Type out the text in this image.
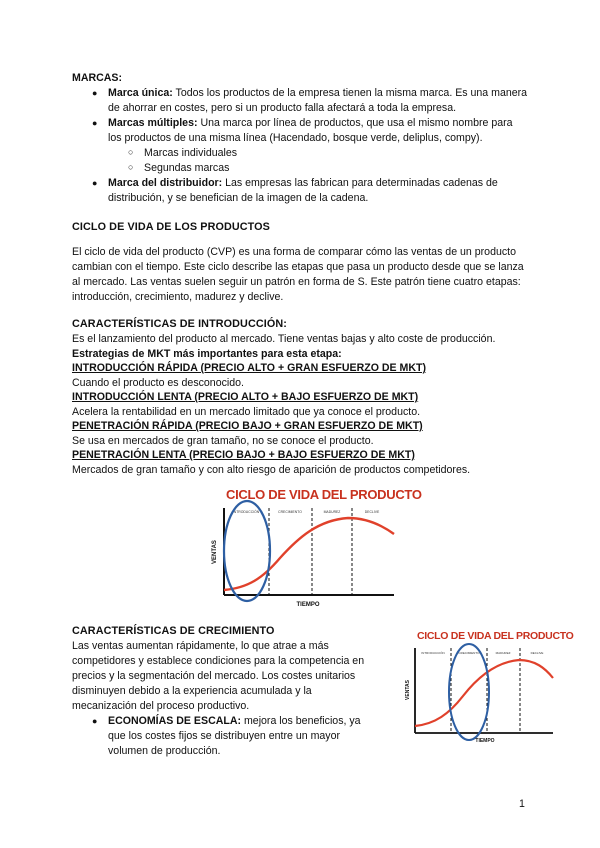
MARCAS:
● Marca única: Todos los productos de la empresa tienen la misma marca. Es una manera de ahorrar en costes, pero si un producto falla afectará a toda la empresa.
● Marcas múltiples: Una marca por línea de productos, que usa el mismo nombre para los productos de una misma línea (Hacendado, bosque verde, deliplus, compy).
○ Marcas individuales
○ Segundas marcas
● Marca del distribuidor: Las empresas las fabrican para determinadas cadenas de distribución, y se benefician de la imagen de la cadena.
CICLO DE VIDA DE LOS PRODUCTOS
El ciclo de vida del producto (CVP) es una forma de comparar cómo las ventas de un producto cambian con el tiempo. Este ciclo describe las etapas que pasa un producto desde que se lanza al mercado. Las ventas suelen seguir un patrón en forma de S. Este patrón tiene cuatro etapas: introducción, crecimiento, madurez y declive.
CARACTERÍSTICAS DE INTRODUCCIÓN:
Es el lanzamiento del producto al mercado. Tiene ventas bajas y alto coste de producción.
Estrategias de MKT más importantes para esta etapa:
INTRODUCCIÓN RÁPIDA (PRECIO ALTO + GRAN ESFUERZO DE MKT)
Cuando el producto es desconocido.
INTRODUCCIÓN LENTA (PRECIO ALTO + BAJO ESFUERZO DE MKT)
Acelera la rentabilidad en un mercado limitado que ya conoce el producto.
PENETRACIÓN RÁPIDA (PRECIO BAJO + GRAN ESFUERZO DE MKT)
Se usa en mercados de gran tamaño, no se conoce el producto.
PENETRACIÓN LENTA (PRECIO BAJO + BAJO ESFUERZO DE MKT)
Mercados de gran tamaño y con alto riesgo de aparición de productos competidores.
CICLO DE VIDA DEL PRODUCTO
INTRODUCCIÓN	CRECIMIENTO	MADUREZ	DECLIVE
VENTAS
TIEMPO
CARACTERÍSTICAS DE CRECIMIENTO
Las ventas aumentan rápidamente, lo que atrae a más
competidores y establece condiciones para la competencia en
precios y la segmentación del mercado. Los costes unitarios
disminuyen debido a la experiencia acumulada y la
mecanización del proceso productivo.
● ECONOMÍAS DE ESCALA: mejora los beneficios, ya
que los costes fijos se distribuyen entre un mayor
volumen de producción.
CICLO DE VIDA DEL PRODUCTO
INTRODUCCIÓN	CRECIMIENTO	MADUREZ	DECLIVE
VENTAS
TIEMPO
1
